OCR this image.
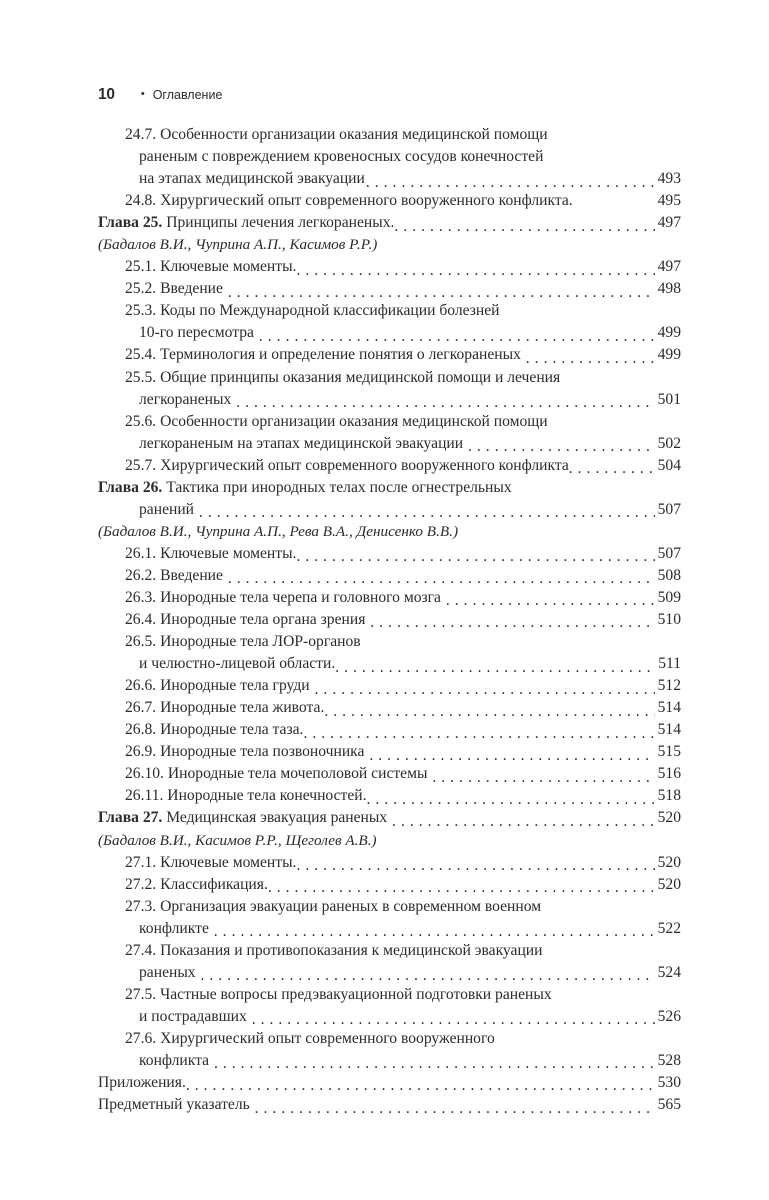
10 • Оглавление
24.7. Особенности организации оказания медицинской помощи
раненым с повреждением кровеносных сосудов конечностей
на этапах медицинской эвакуации . . .	493
24.8. Хирургический опыт современного вооруженного конфликта.	495
Глава 25. Принципы лечения легкораненых. . . .	497
(Бадалов В.И., Чуприна А.П., Касимов Р.Р.)
25.1. Ключевые моменты. . . .	497
25.2. Введение . . .	498
25.3. Коды по Международной классификации болезней
10-го пересмотра . . .	499
25.4. Терминология и определение понятия о легкораненых . . .	499
25.5. Общие принципы оказания медицинской помощи и лечения
легкораненых . . .	501
25.6. Особенности организации оказания медицинской помощи
легкораненым на этапах медицинской эвакуации . . .	502
25.7. Хирургический опыт современного вооруженного конфликта . . .	504
Глава 26. Тактика при инородных телах после огнестрельных
ранений . . .	507
(Бадалов В.И., Чуприна А.П., Рева В.А., Денисенко В.В.)
26.1. Ключевые моменты. . . .	507
26.2. Введение . . .	508
26.3. Инородные тела черепа и головного мозга . . .	509
26.4. Инородные тела органа зрения . . .	510
26.5. Инородные тела ЛОР-органов
и челюстно-лицевой области. . . .	511
26.6. Инородные тела груди . . .	512
26.7. Инородные тела живота. . . .	514
26.8. Инородные тела таза. . . .	514
26.9. Инородные тела позвоночника . . .	515
26.10. Инородные тела мочеполовой системы . . .	516
26.11. Инородные тела конечностей. . . .	518
Глава 27. Медицинская эвакуация раненых . . .	520
(Бадалов В.И., Касимов Р.Р., Щеголев А.В.)
27.1. Ключевые моменты. . . .	520
27.2. Классификация. . . .	520
27.3. Организация эвакуации раненых в современном военном
конфликте . . .	522
27.4. Показания и противопоказания к медицинской эвакуации
раненых . . .	524
27.5. Частные вопросы предэвакуационной подготовки раненых
и пострадавших . . .	526
27.6. Хирургический опыт современного вооруженного
конфликта . . .	528
Приложения. . . .	530
Предметный указатель . . .	565
